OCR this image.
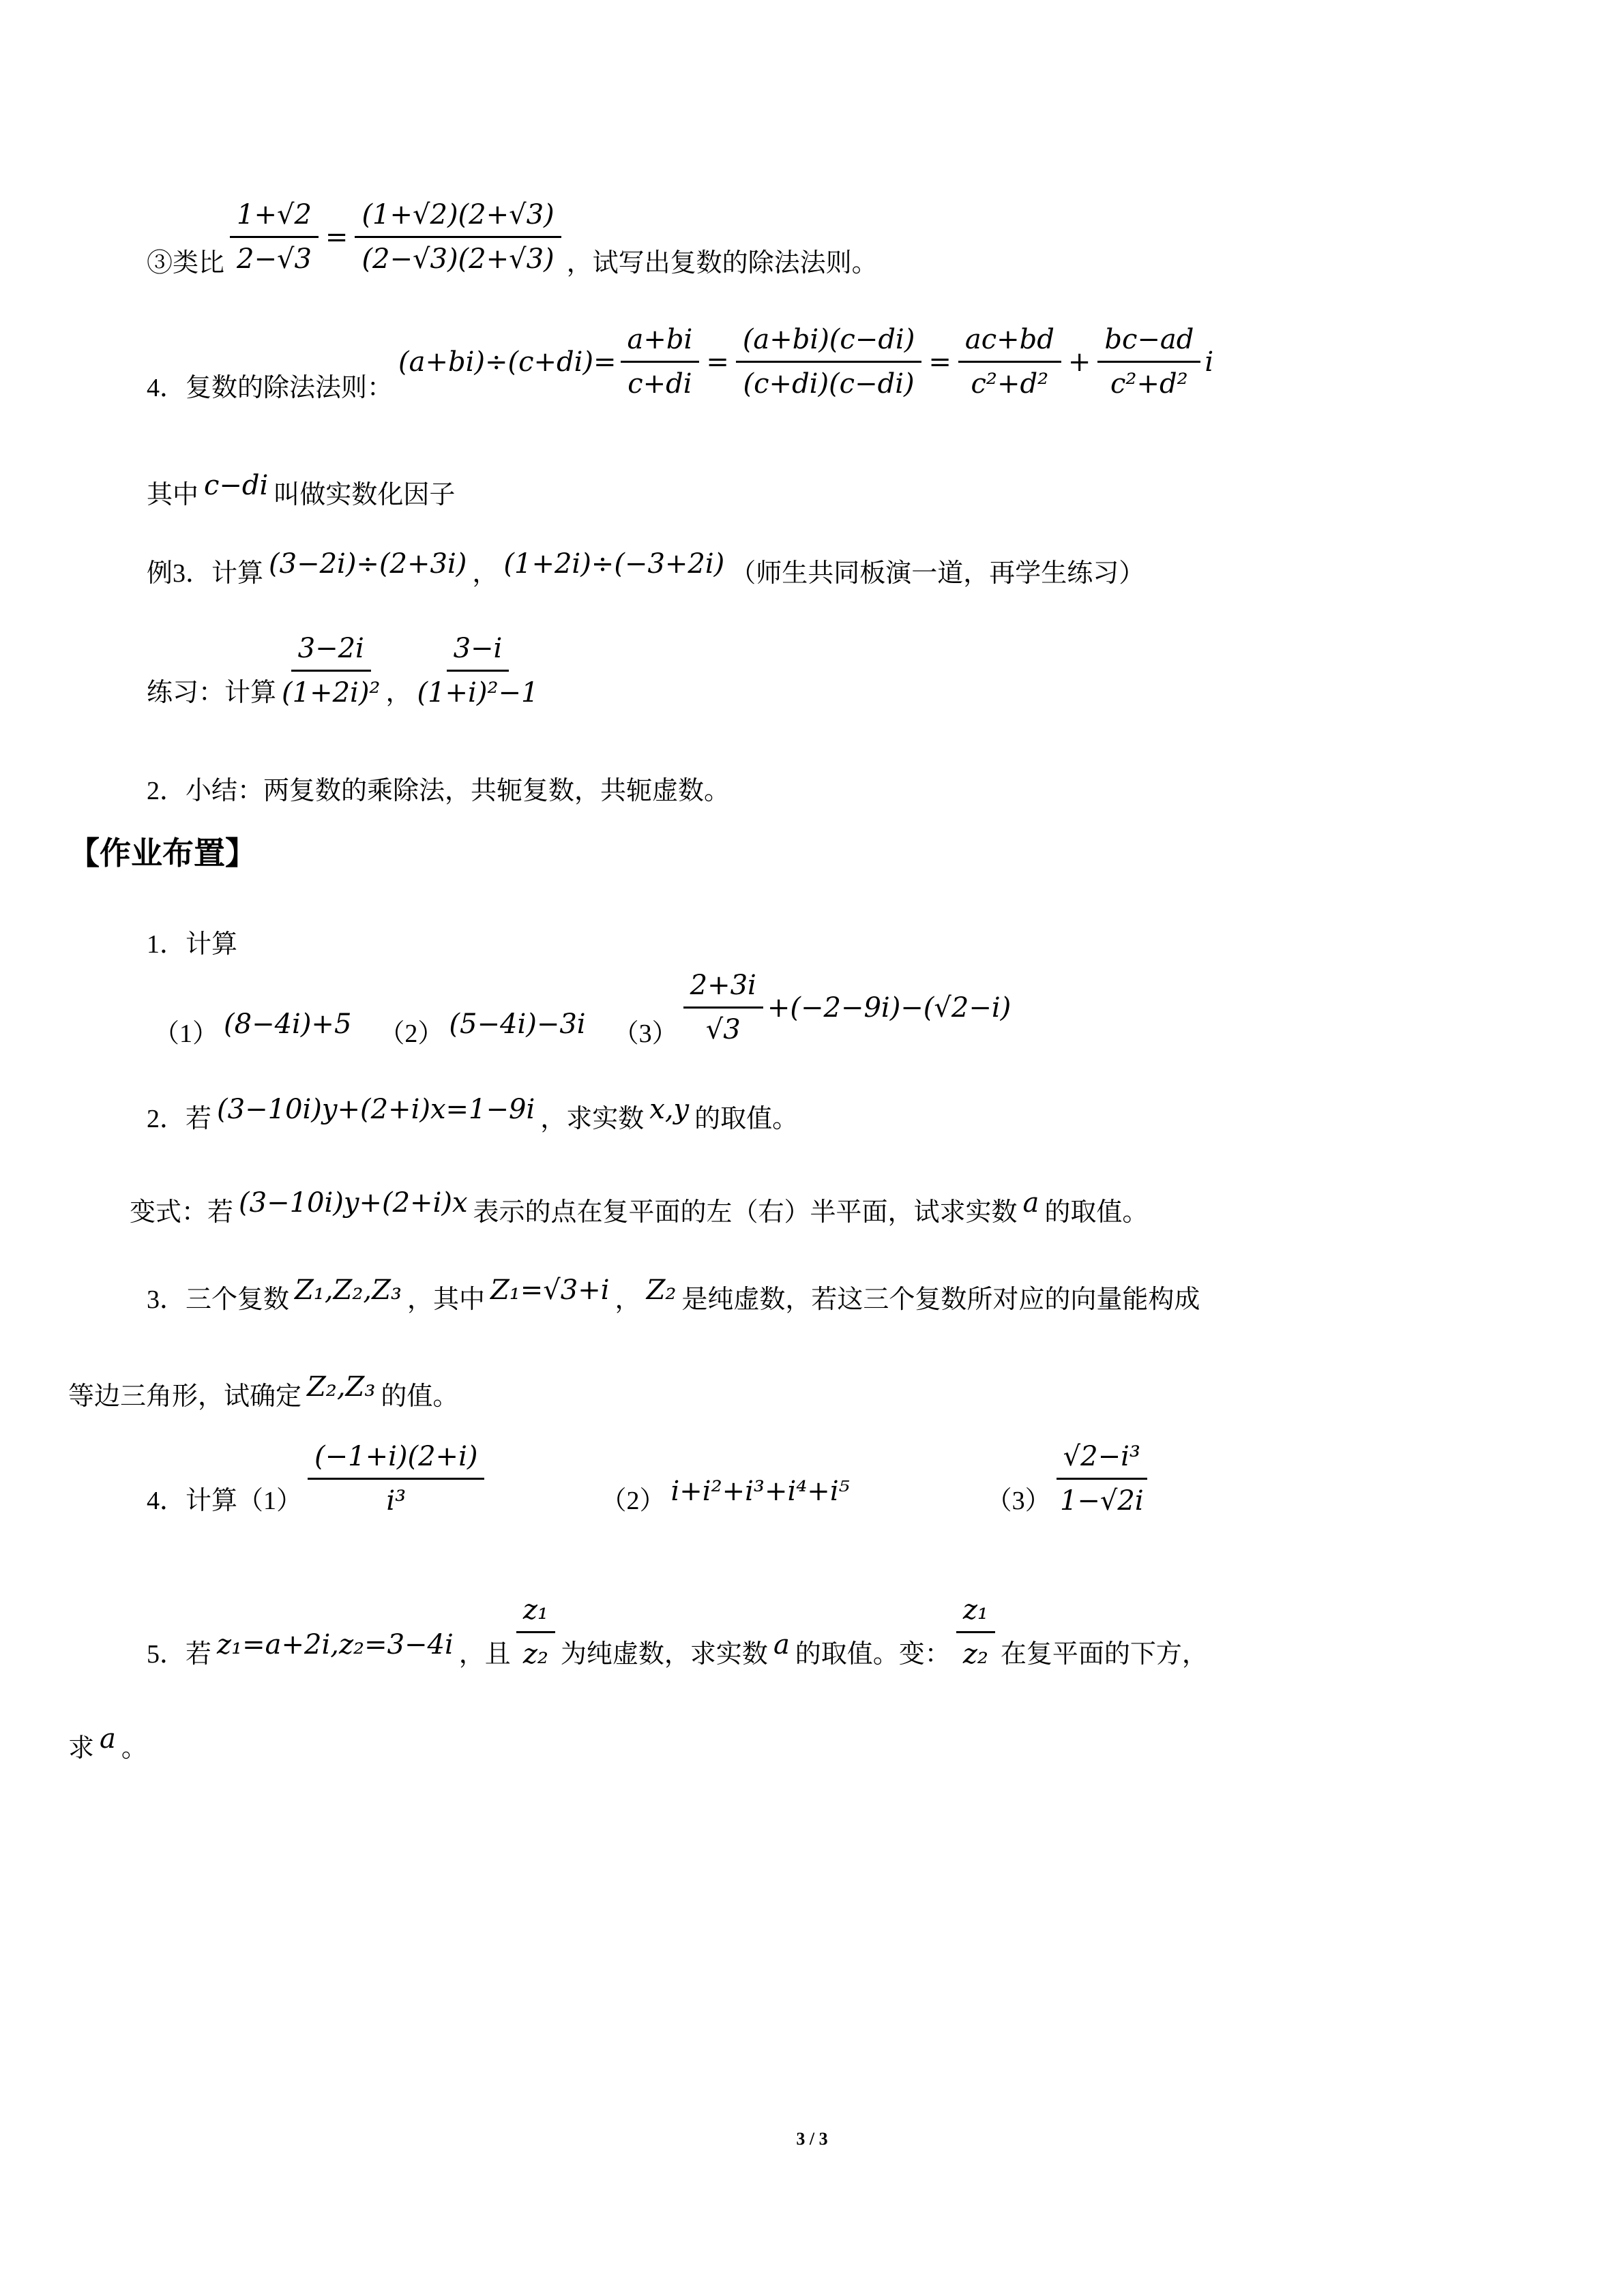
③类比 $\frac{1+√2}{2-√3} = \frac{(1+√2)(2+√3)}{(2-√3)(2+√3)}$ ，试写出复数的除法法则。
4．复数的除法法则：
$(a+bi)\div(c+di)= \frac{a+bi}{c+di} = \frac{(a+bi)(c-di)}{(c+di)(c-di)} = \frac{ac+bd}{\text{c²+d²}} + \frac{bc-ad}{\text{c²+d²}}$ i
其中 c−di 叫做实数化因子
例3．计算 (3−2i)÷(2+3i) ， (1+2i)÷(−3+2i) （师生共同板演一道，再学生练习）
练习：计算 $\frac{3-2i}{\text{(1+2i)²}}$ ， $\frac{3-i}{\text{(1+i)²−1}}$
2．小结：两复数的乘除法，共轭复数，共轭虚数。
【作业布置】
1．计算
（1） (8−4i)+5 （2） (5−4i)−3i $(3) \frac{2+3i}{√3} +(-2-9i)-(√2-i)$
2．若 (3−10i)y+(2+i)x=1−9i ，求实数 x,y 的取值。
变式：若 (3−10i)y+(2+i)x 表示的点在复平面的左（右）半平面，试求实数 a 的取值。
3．三个复数 Z₁,Z₂,Z₃ ，其中 Z₁=√3+i ， Z₂ 是纯虚数，若这三个复数所对应的向量能构成
等边三角形，试确定 Z₂,Z₃ 的值。
4．计算$(1) \frac{(-1+i)(2+i)}{\text{i³}}$	（2） i+i²+i³+i⁴+i⁵	$(3) \frac{\text{√2−i³}}{1-√2i}$
5．若 z₁=a+2i,z₂=3−4i ，且 $\frac{\text{z₁}}{\text{z₂}}$ 为纯虚数，求实数 a 的取值。变： $\frac{\text{z₁}}{\text{z₂}}$ 在复平面的下方，
求 a 。
3 / 3
